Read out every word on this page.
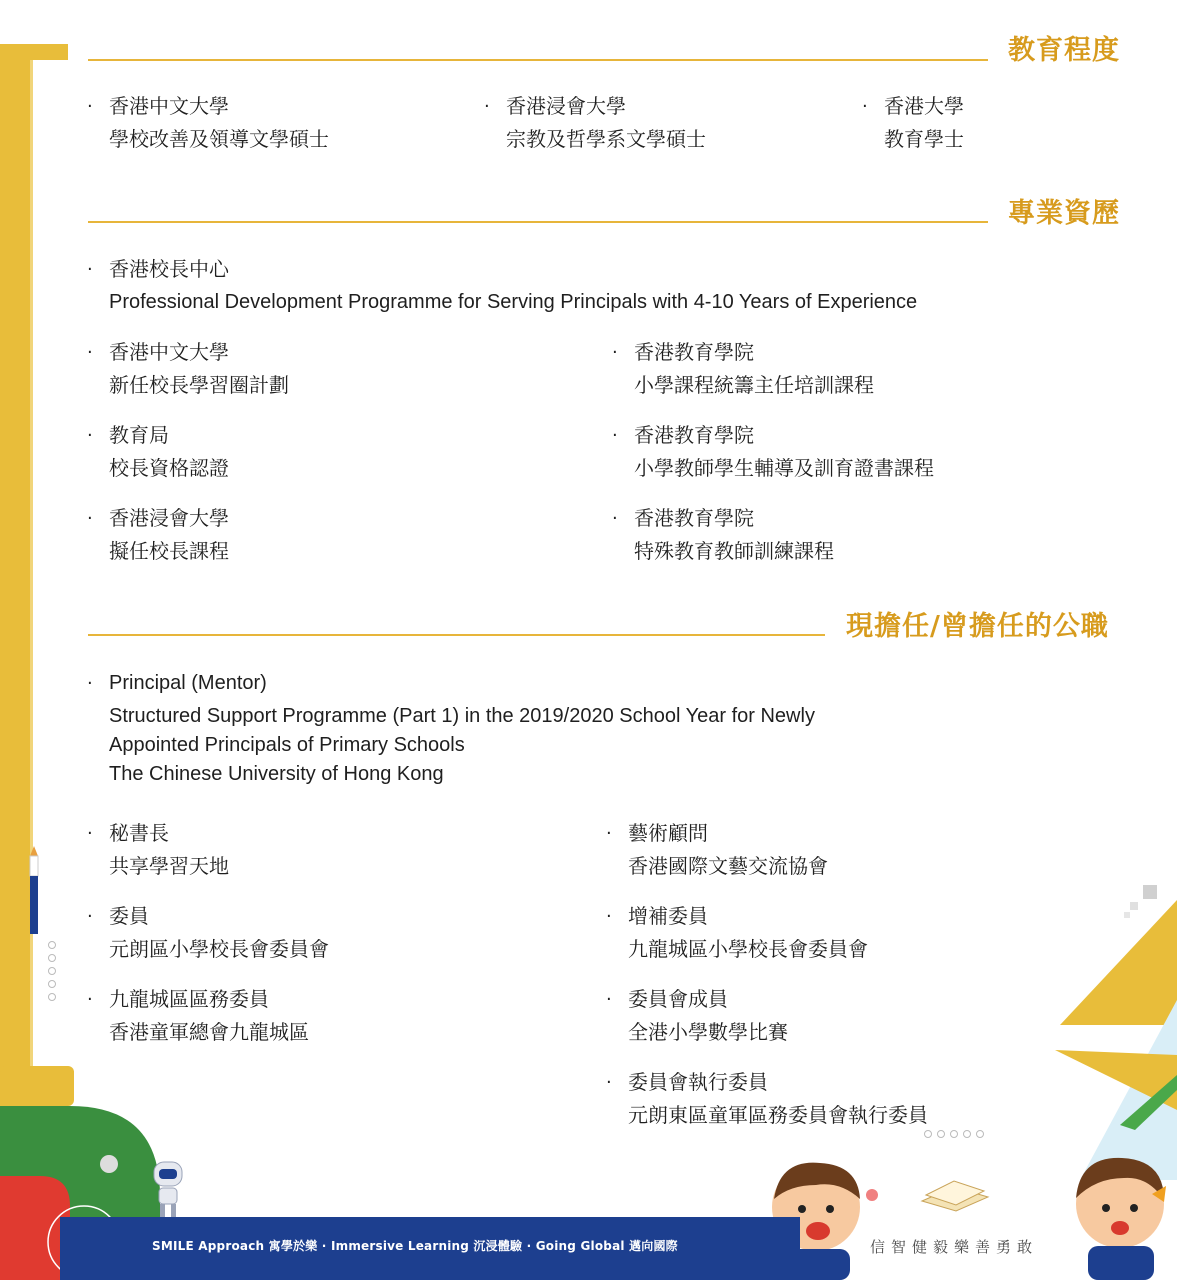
教育程度
· 香港中文大學
學校改善及領導文學碩士
· 香港浸會大學
宗教及哲學系文學碩士
· 香港大學
教育學士
專業資歷
· 香港校長中心
Professional Development Programme for Serving Principals with 4-10 Years of Experience
· 香港中文大學
新任校長學習圈計劃
· 教育局
校長資格認證
· 香港浸會大學
擬任校長課程
· 香港教育學院
小學課程統籌主任培訓課程
· 香港教育學院
小學教師學生輔導及訓育證書課程
· 香港教育學院
特殊教育教師訓練課程
現擔任/曾擔任的公職
· Principal (Mentor)
Structured Support Programme (Part 1) in the 2019/2020 School Year for Newly
Appointed Principals of Primary Schools
The Chinese University of Hong Kong
· 秘書長
共享學習天地
· 委員
元朗區小學校長會委員會
· 九龍城區區務委員
香港童軍總會九龍城區
· 藝術顧問
香港國際文藝交流協會
· 增補委員
九龍城區小學校長會委員會
· 委員會成員
全港小學數學比賽
· 委員會執行委員
元朗東區童軍區務委員會執行委員
SMILE Approach 寓學於樂 · Immersive Learning 沉浸體驗 · Going Global 邁向國際	信智健毅樂善勇敢
